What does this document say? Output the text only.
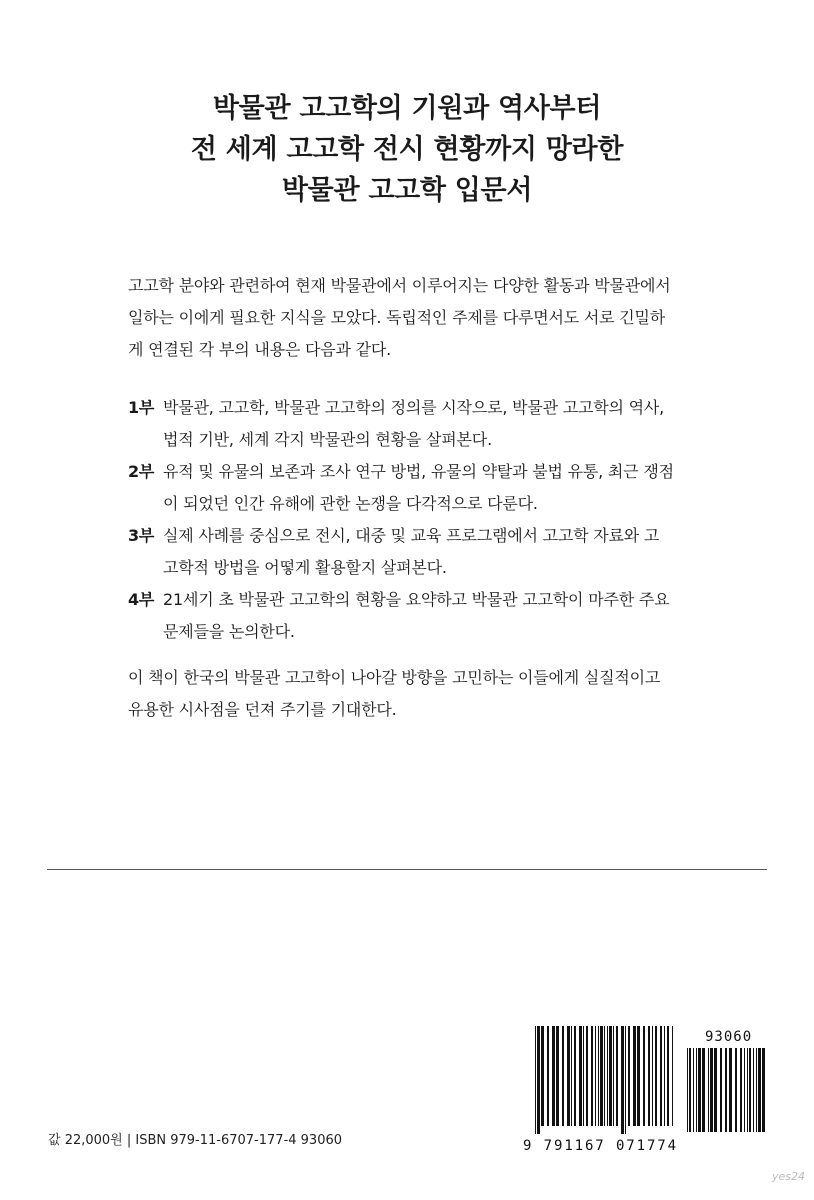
박물관 고고학의 기원과 역사부터
전 세계 고고학 전시 현황까지 망라한
박물관 고고학 입문서
고고학 분야와 관련하여 현재 박물관에서 이루어지는 다양한 활동과 박물관에서
일하는 이에게 필요한 지식을 모았다. 독립적인 주제를 다루면서도 서로 긴밀하
게 연결된 각 부의 내용은 다음과 같다.
1부 박물관, 고고학, 박물관 고고학의 정의를 시작으로, 박물관 고고학의 역사,
법적 기반, 세계 각지 박물관의 현황을 살펴본다.
2부 유적 및 유물의 보존과 조사 연구 방법, 유물의 약탈과 불법 유통, 최근 쟁점
이 되었던 인간 유해에 관한 논쟁을 다각적으로 다룬다.
3부 실제 사례를 중심으로 전시, 대중 및 교육 프로그램에서 고고학 자료와 고
고학적 방법을 어떻게 활용할지 살펴본다.
4부 21세기 초 박물관 고고학의 현황을 요약하고 박물관 고고학이 마주한 주요
문제들을 논의한다.
이 책이 한국의 박물관 고고학이 나아갈 방향을 고민하는 이들에게 실질적이고
유용한 시사점을 던져 주기를 기대한다.
값 22,000원 | ISBN 979-11-6707-177-4 93060
93060
9 791167 071774
yes24
